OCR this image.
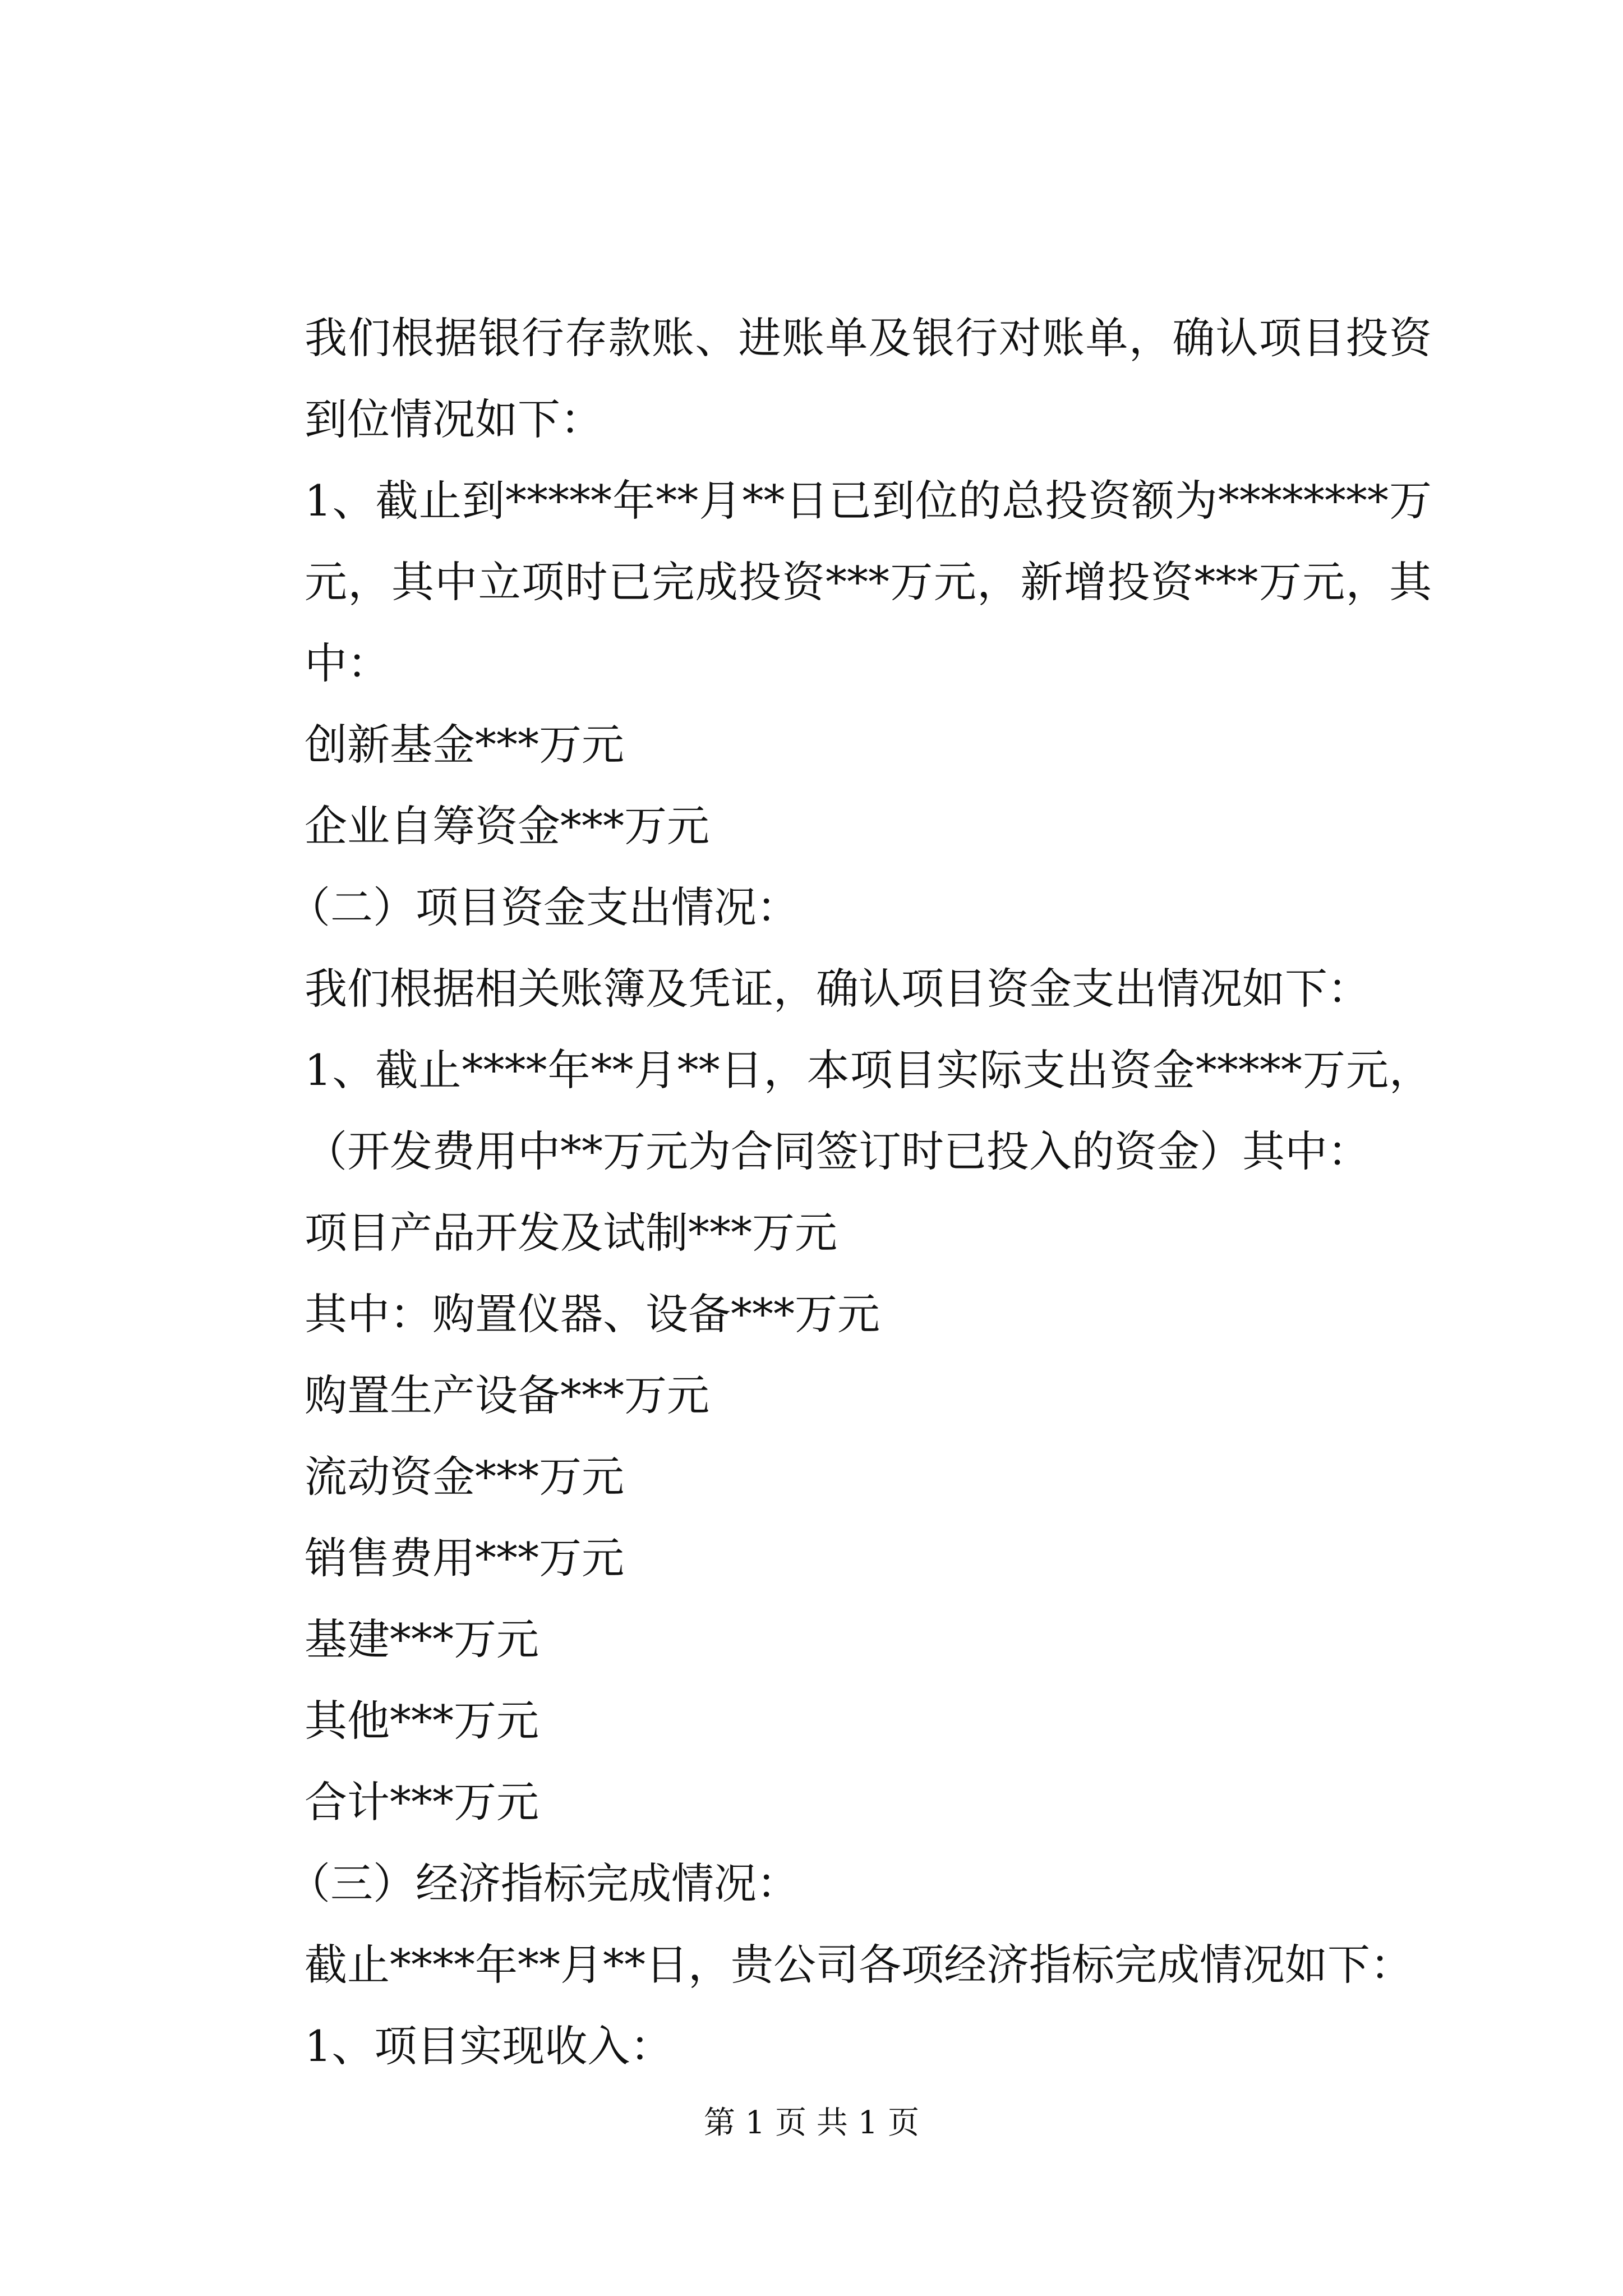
我们根据银行存款账、进账单及银行对账单，确认项目投资到位情况如下：

1、截止到*****年**月**日已到位的总投资额为********万元，其中立项时已完成投资***万元，新增投资***万元，其中：

创新基金***万元

企业自筹资金***万元

（二）项目资金支出情况：

我们根据相关账簿及凭证，确认项目资金支出情况如下：

1、截止****年**月**日，本项目实际支出资金*****万元，（开发费用中**万元为合同签订时已投入的资金）其中：

项目产品开发及试制***万元

其中：购置仪器、设备***万元

购置生产设备***万元

流动资金***万元

销售费用***万元

基建***万元

其他***万元

合计***万元

（三）经济指标完成情况：

截止****年**月**日，贵公司各项经济指标完成情况如下：

1、项目实现收入：

第 1 页 共 1 页
